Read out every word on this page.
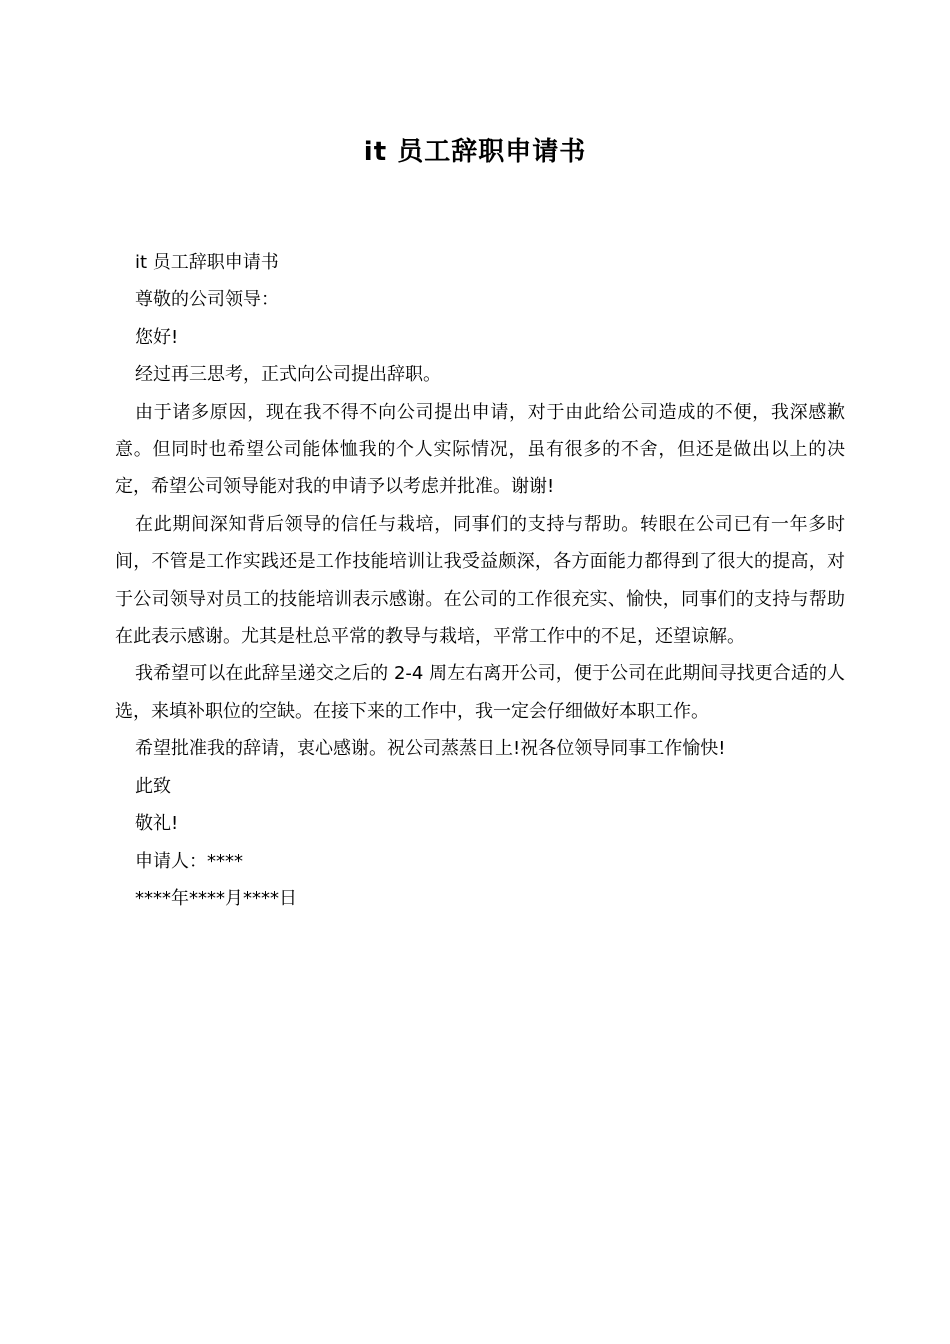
it 员工辞职申请书

it 员工辞职申请书

尊敬的公司领导：

您好!

经过再三思考，正式向公司提出辞职。

由于诸多原因，现在我不得不向公司提出申请，对于由此给公司造成的不便，我深感歉意。但同时也希望公司能体恤我的个人实际情况，虽有很多的不舍，但还是做出以上的决定，希望公司领导能对我的申请予以考虑并批准。谢谢!

在此期间深知背后领导的信任与栽培，同事们的支持与帮助。转眼在公司已有一年多时间，不管是工作实践还是工作技能培训让我受益颇深，各方面能力都得到了很大的提高，对于公司领导对员工的技能培训表示感谢。在公司的工作很充实、愉快，同事们的支持与帮助在此表示感谢。尤其是杜总平常的教导与栽培，平常工作中的不足，还望谅解。

我希望可以在此辞呈递交之后的 2-4 周左右离开公司，便于公司在此期间寻找更合适的人选，来填补职位的空缺。在接下来的工作中，我一定会仔细做好本职工作。

希望批准我的辞请，衷心感谢。祝公司蒸蒸日上!祝各位领导同事工作愉快!

此致

敬礼!

申请人：****

****年****月****日
